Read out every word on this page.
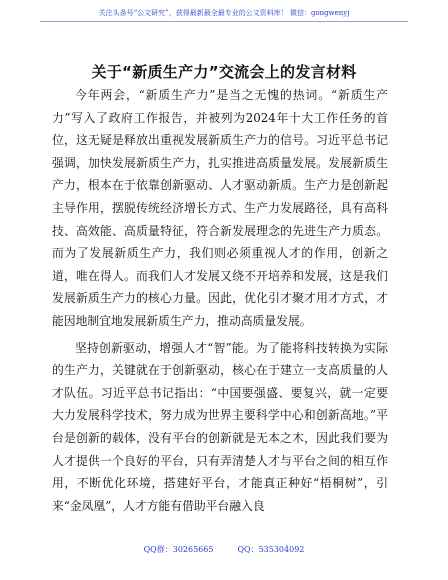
关注头条号“公文研究”，获得最新最全最专业的公文资料库！ 微信：gongwenyj
关于“新质生产力”交流会上的发言材料

今年两会，“新质生产力”是当之无愧的热词。“新质生产力”写入了政府工作报告，并被列为2024年十大工作任务的首位，这无疑是释放出重视发展新质生产力的信号。习近平总书记强调，加快发展新质生产力，扎实推进高质量发展。发展新质生产力，根本在于依靠创新驱动、人才驱动新质。生产力是创新起主导作用，摆脱传统经济增长方式、生产力发展路径，具有高科技、高效能、高质量特征，符合新发展理念的先进生产力质态。而为了发展新质生产力，我们则必须重视人才的作用，创新之道，唯在得人。而我们人才发展又绕不开培养和发展，这是我们发展新质生产力的核心力量。因此，优化引才聚才用才方式，才能因地制宜地发展新质生产力，推动高质量发展。

坚持创新驱动，增强人才“智”能。为了能将科技转换为实际的生产力，关键就在于创新驱动，核心在于建立一支高质量的人才队伍。习近平总书记指出：“中国要强盛、要复兴，就一定要大力发展科学技术，努力成为世界主要科学中心和创新高地。”平台是创新的载体，没有平台的创新就是无本之木，因此我们要为人才提供一个良好的平台，只有弄清楚人才与平台之间的相互作用，不断优化环境，搭建好平台，才能真正种好“梧桐树”，引来“金凤凰”，人才方能有借助平台融入良

QQ群：30265665	QQ：535304092
